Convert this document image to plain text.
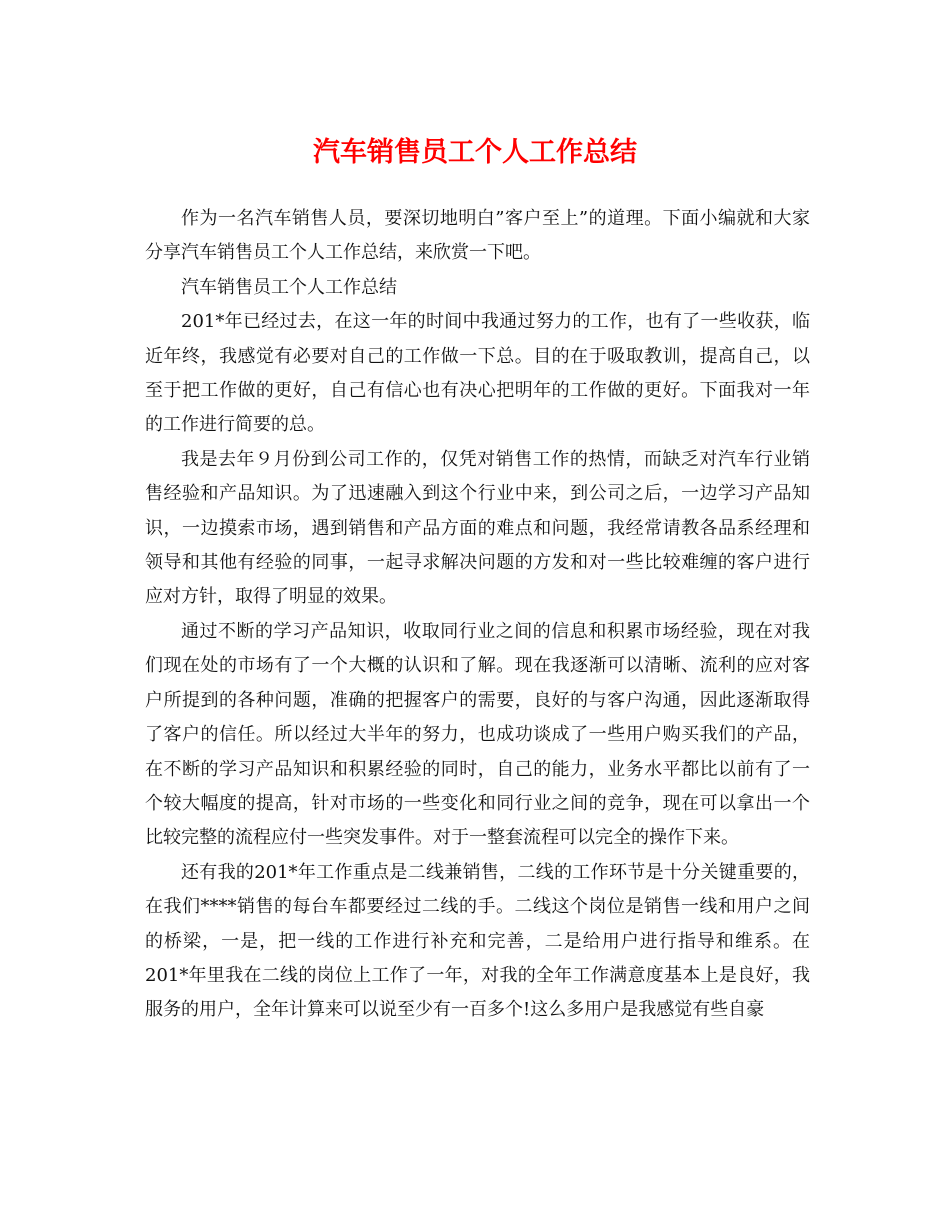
汽车销售员工个人工作总结

作为一名汽车销售人员，要深切地明白”客户至上”的道理。下面小编就和大家分享汽车销售员工个人工作总结，来欣赏一下吧。

汽车销售员工个人工作总结

201*年已经过去，在这一年的时间中我通过努力的工作，也有了一些收获，临近年终，我感觉有必要对自己的工作做一下总。目的在于吸取教训，提高自己，以至于把工作做的更好，自己有信心也有决心把明年的工作做的更好。下面我对一年的工作进行简要的总。

我是去年９月份到公司工作的，仅凭对销售工作的热情，而缺乏对汽车行业销售经验和产品知识。为了迅速融入到这个行业中来，到公司之后，一边学习产品知识，一边摸索市场，遇到销售和产品方面的难点和问题，我经常请教各品系经理和领导和其他有经验的同事，一起寻求解决问题的方发和对一些比较难缠的客户进行应对方针，取得了明显的效果。

通过不断的学习产品知识，收取同行业之间的信息和积累市场经验，现在对我们现在处的市场有了一个大概的认识和了解。现在我逐渐可以清晰、流利的应对客户所提到的各种问题，准确的把握客户的需要，良好的与客户沟通，因此逐渐取得了客户的信任。所以经过大半年的努力，也成功谈成了一些用户购买我们的产品，在不断的学习产品知识和积累经验的同时，自己的能力，业务水平都比以前有了一个较大幅度的提高，针对市场的一些变化和同行业之间的竞争，现在可以拿出一个比较完整的流程应付一些突发事件。对于一整套流程可以完全的操作下来。

还有我的201*年工作重点是二线兼销售，二线的工作环节是十分关键重要的，在我们****销售的每台车都要经过二线的手。二线这个岗位是销售一线和用户之间的桥梁，一是，把一线的工作进行补充和完善，二是给用户进行指导和维系。在201*年里我在二线的岗位上工作了一年，对我的全年工作满意度基本上是良好，我服务的用户，全年计算来可以说至少有一百多个!这么多用户是我感觉有些自豪
